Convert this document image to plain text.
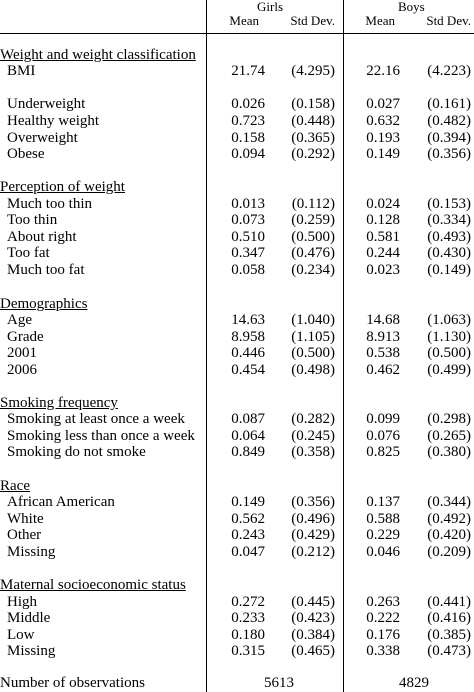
Girls	Boys
Mean Std Dev. Mean Std Dev.
Weight and weight classification
BMI	21.74 (4.295) 22.16 (4.223)
Underweight	0.026 (0.158) 0.027 (0.161)
Healthy weight	0.723 (0.448) 0.632 (0.482)
Overweight	0.158 (0.365) 0.193 (0.394)
Obese	0.094 (0.292) 0.149 (0.356)
Perception of weight
Much too thin	0.013 (0.112) 0.024 (0.153)
Too thin	0.073 (0.259) 0.128 (0.334)
About right	0.510 (0.500) 0.581 (0.493)
Too fat	0.347 (0.476) 0.244 (0.430)
Much too fat	0.058 (0.234) 0.023 (0.149)
Demographics
Age	14.63 (1.040) 14.68 (1.063)
Grade	8.958 (1.105) 8.913 (1.130)
2001	0.446 (0.500) 0.538 (0.500)
2006	0.454 (0.498) 0.462 (0.499)
Smoking frequency
Smoking at least once a week	0.087 (0.282) 0.099 (0.298)
Smoking less than once a week 0.064 (0.245) 0.076 (0.265)
Smoking do not smoke	0.849 (0.358) 0.825 (0.380)
Race
African American	0.149 (0.356) 0.137 (0.344)
White	0.562 (0.496) 0.588 (0.492)
Other	0.243 (0.429) 0.229 (0.420)
Missing	0.047 (0.212) 0.046 (0.209)
Maternal socioeconomic status
High	0.272 (0.445) 0.263 (0.441)
Middle	0.233 (0.423) 0.222 (0.416)
Low	0.180 (0.384) 0.176 (0.385)
Missing	0.315 (0.465) 0.338 (0.473)
Number of observations	5613	4829
